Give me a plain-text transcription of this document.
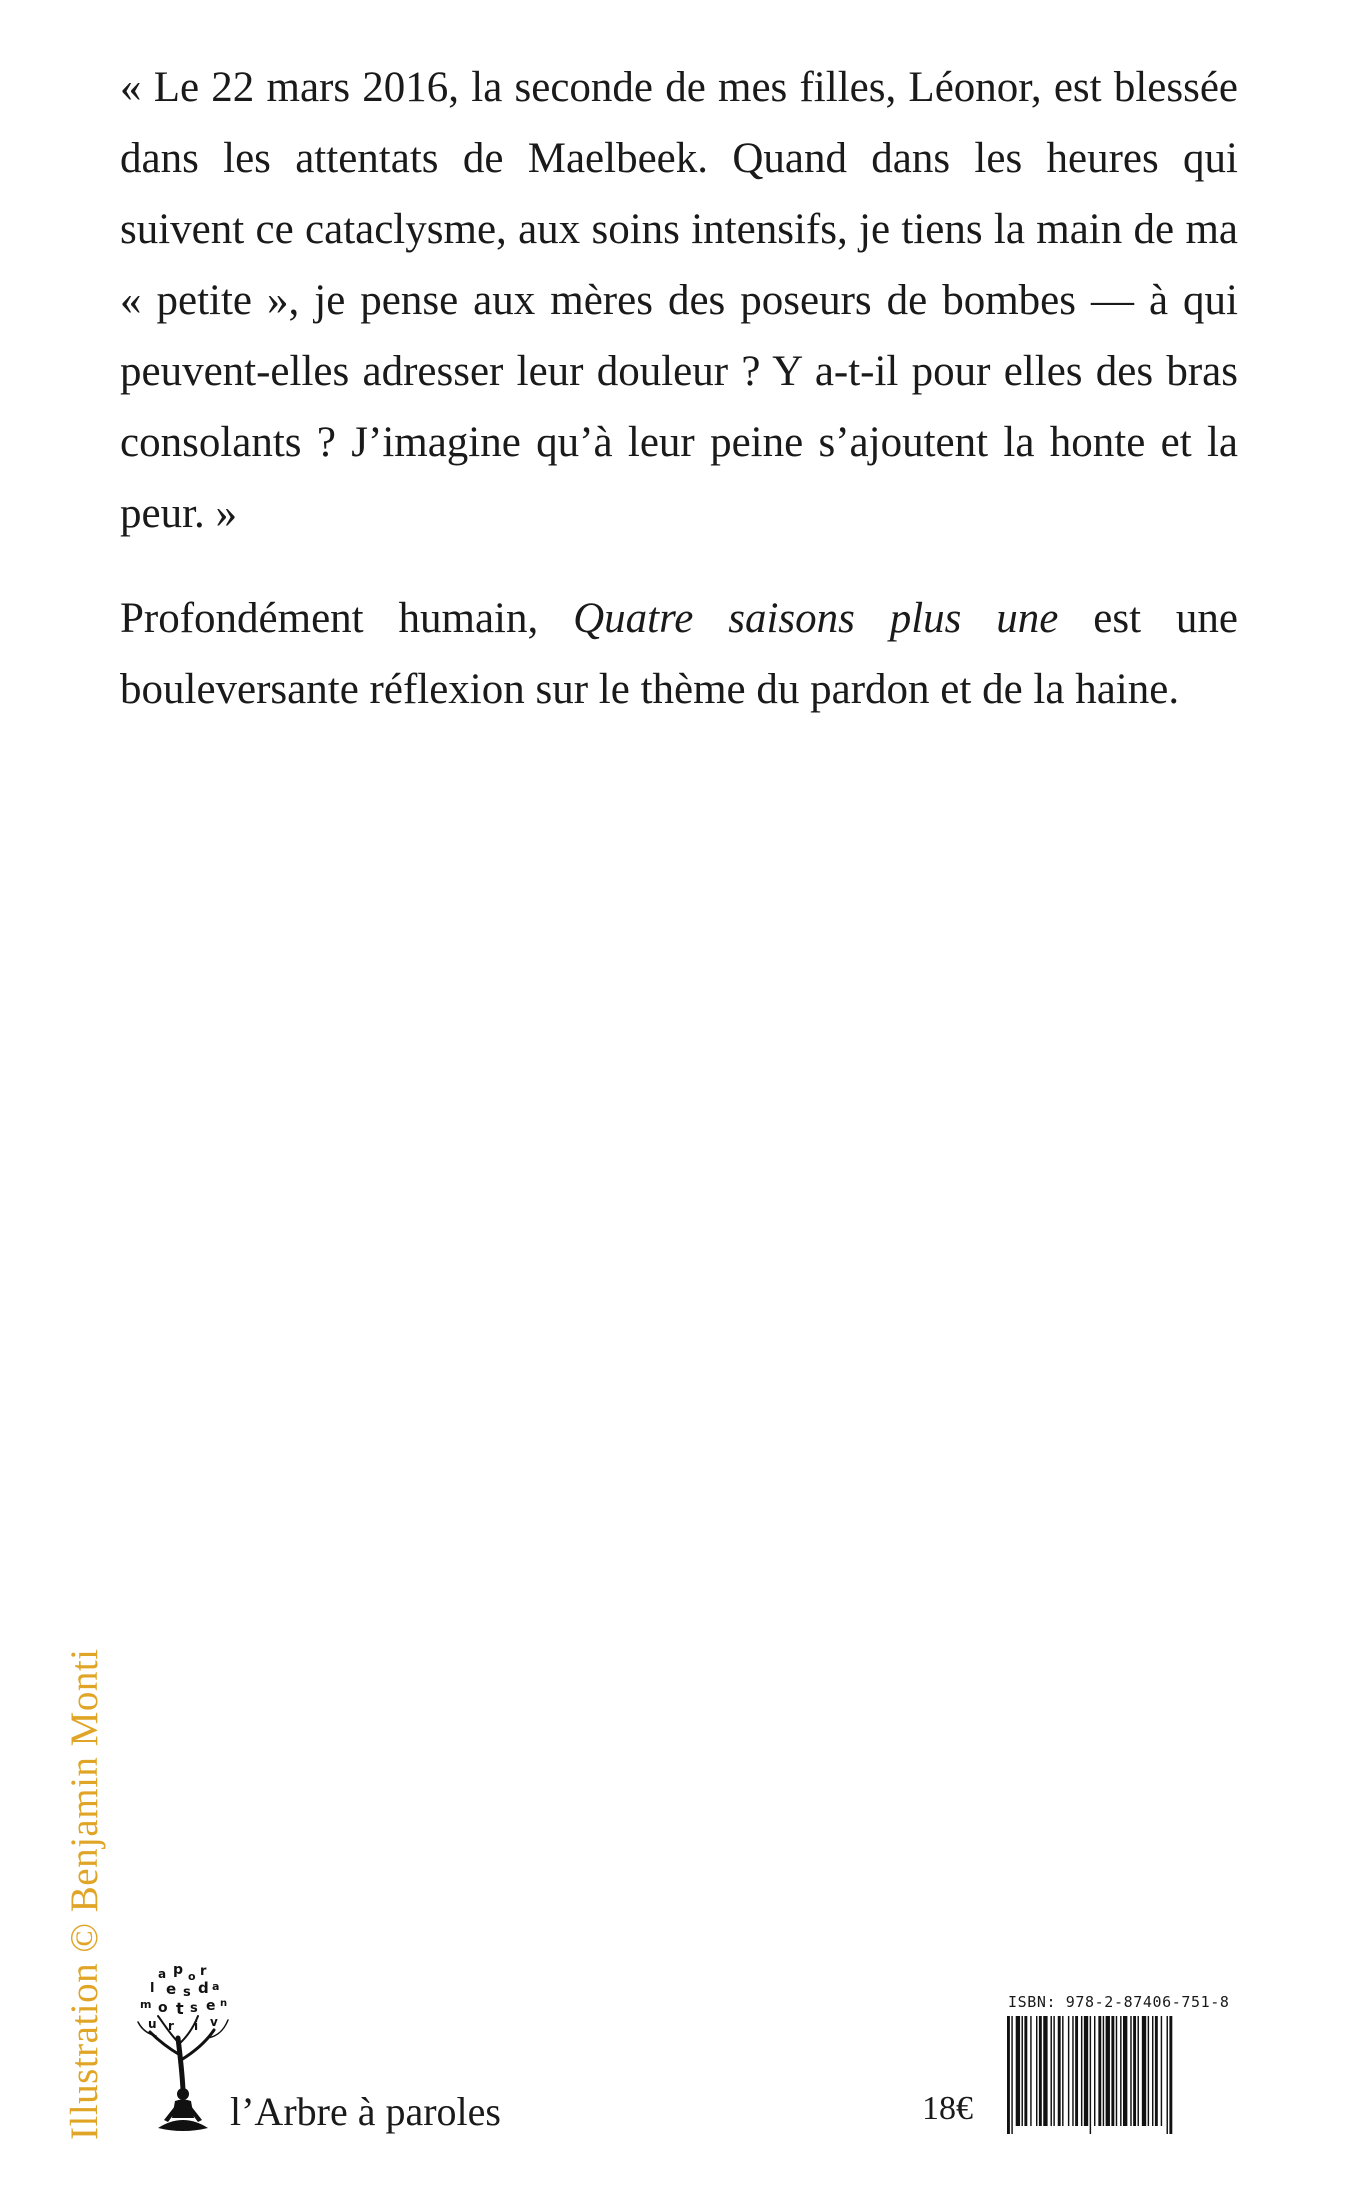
« Le 22 mars 2016, la seconde de mes filles, Léonor, est blessée dans les attentats de Maelbeek. Quand dans les heures qui suivent ce cataclysme, aux soins intensifs, je tiens la main de ma « petite », je pense aux mères des poseurs de bombes — à qui peuvent-elles adresser leur douleur ? Y a-t-il pour elles des bras consolants ? J’imagine qu’à leur peine s’ajoutent la honte et la peur. »

Profondément humain, Quatre saisons plus une est une bouleversante réflexion sur le thème du pardon et de la haine.

Illustration © Benjamin Monti	a p o r
l e s d a
m o t s e n
u r i v
l’Arbre à paroles	18€
ISBN: 978-2-87406-751-8
